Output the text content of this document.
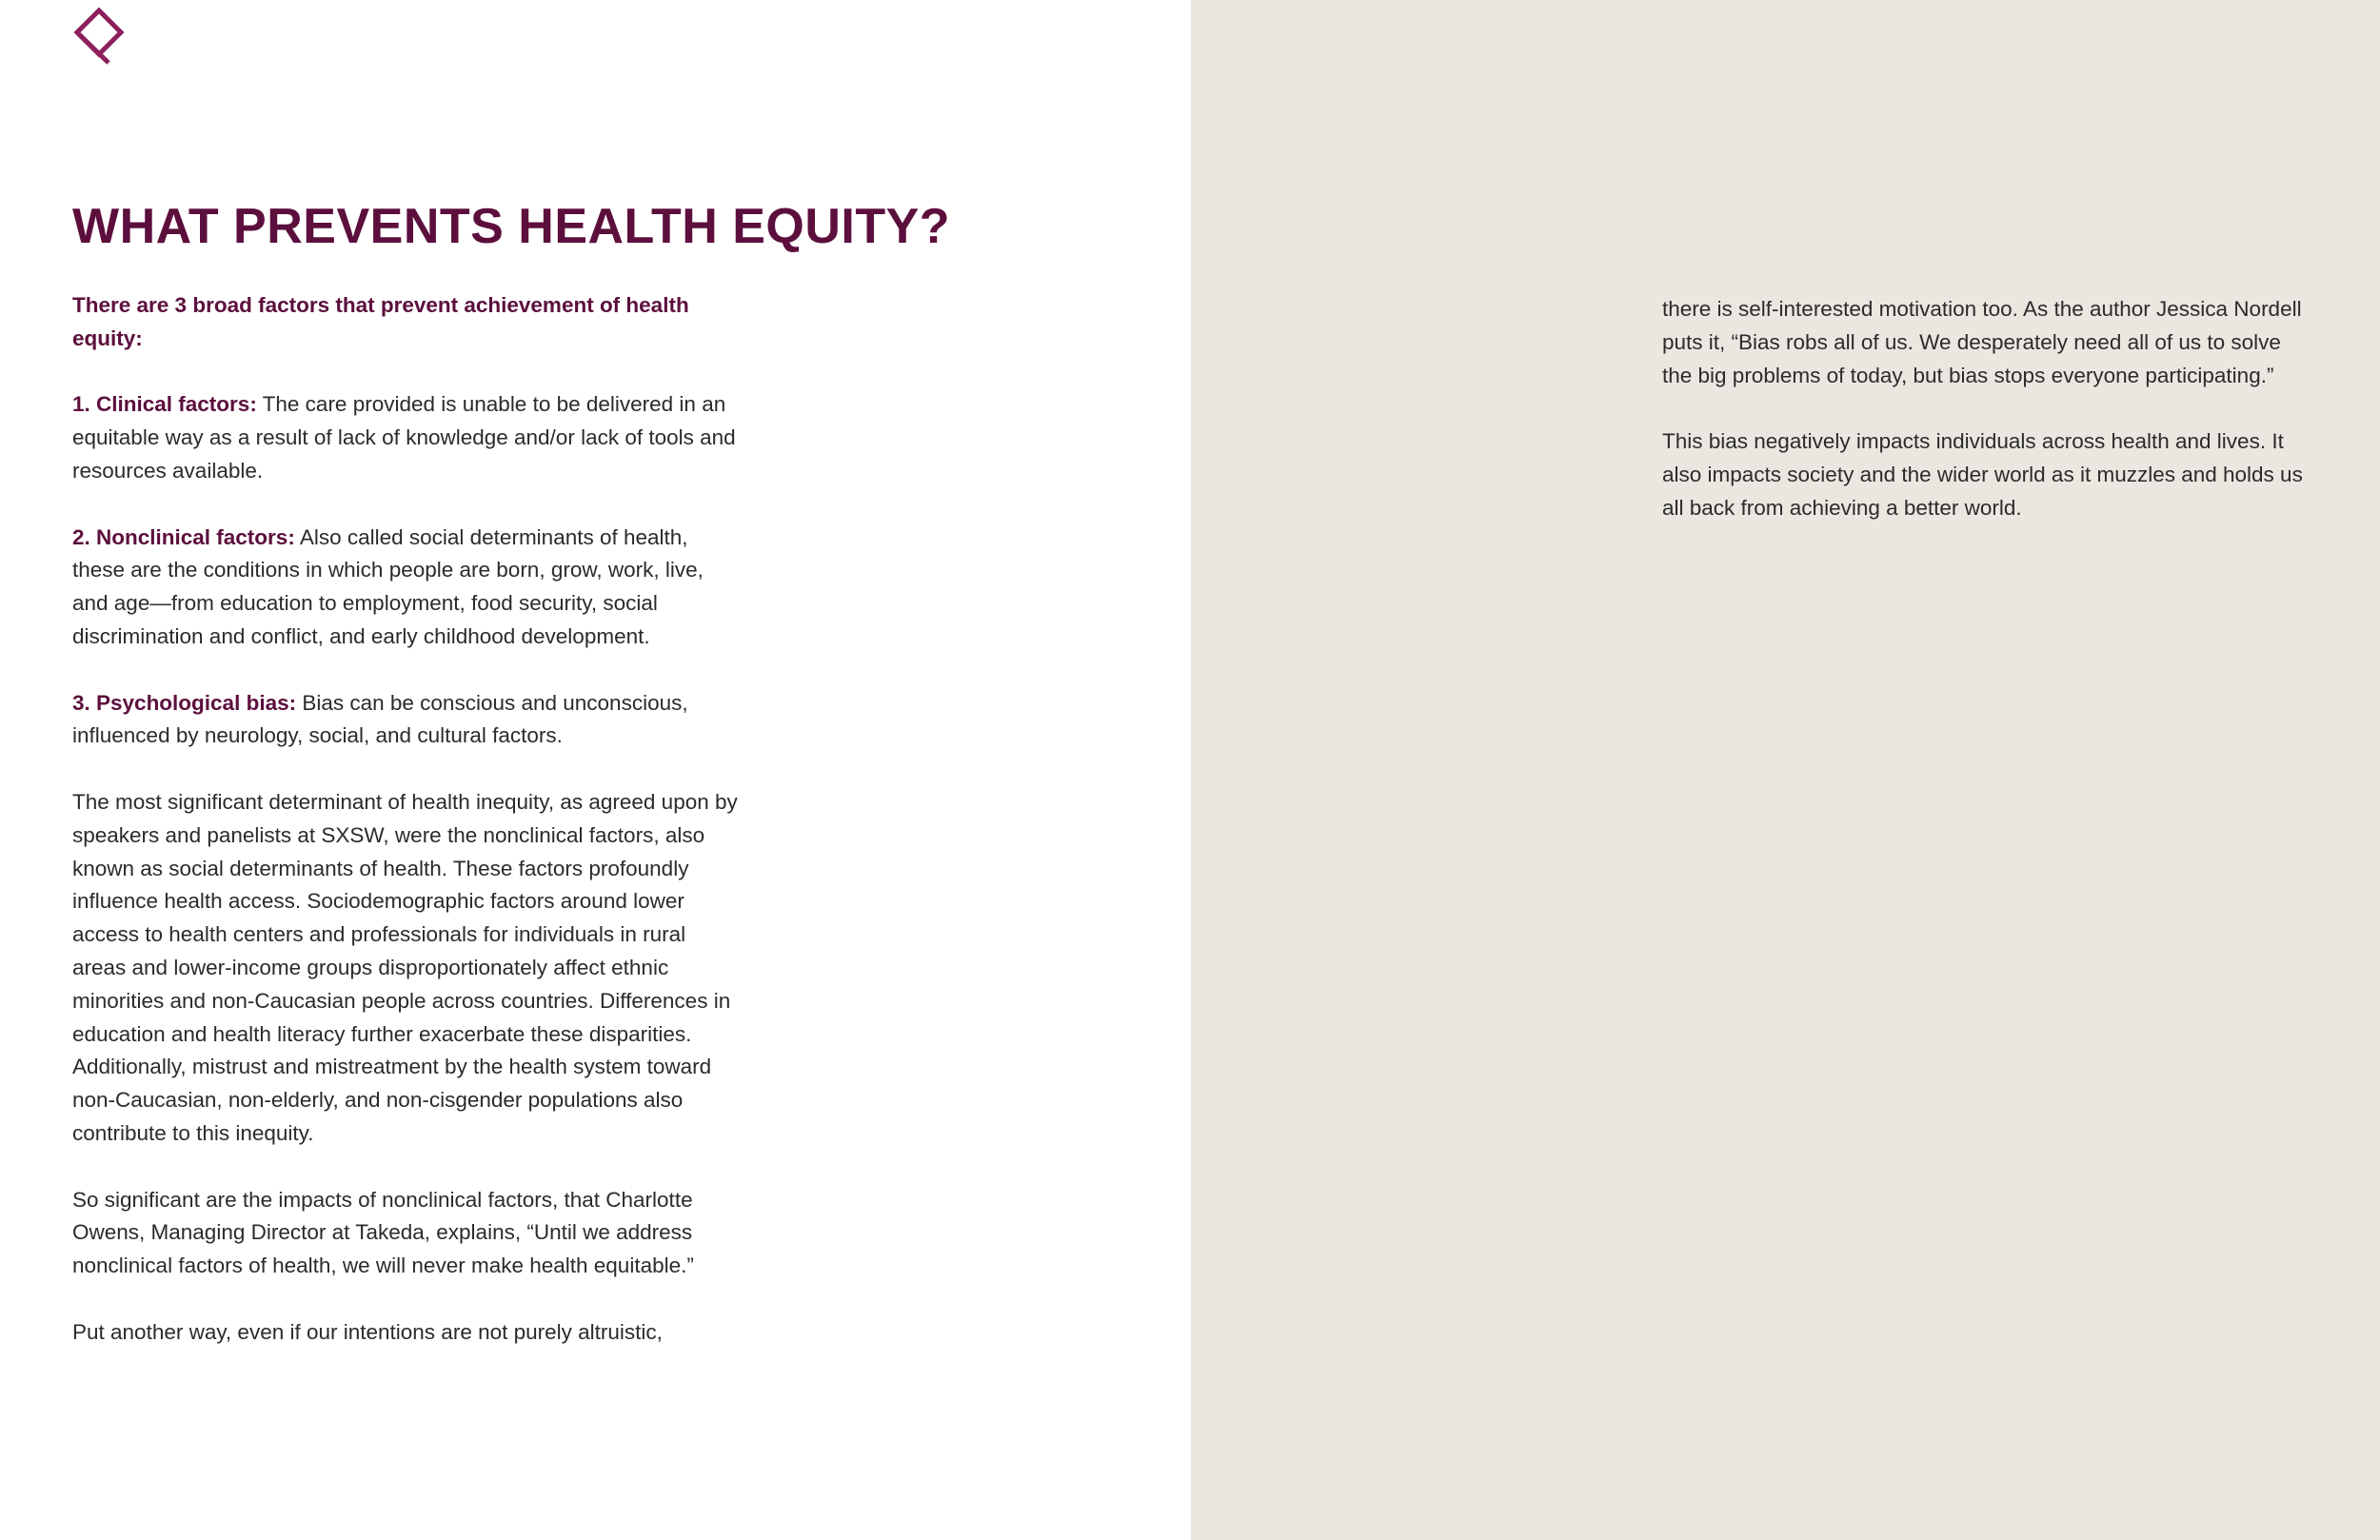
WHAT PREVENTS HEALTH EQUITY?

There are 3 broad factors that prevent achievement of health equity:

1. Clinical factors: The care provided is unable to be delivered in an equitable way as a result of lack of knowledge and/or lack of tools and resources available.

2. Nonclinical factors: Also called social determinants of health, these are the conditions in which people are born, grow, work, live, and age—from education to employment, food security, social discrimination and conflict, and early childhood development.

3. Psychological bias: Bias can be conscious and unconscious, influenced by neurology, social, and cultural factors.

The most significant determinant of health inequity, as agreed upon by speakers and panelists at SXSW, were the nonclinical factors, also known as social determinants of health. These factors profoundly influence health access. Sociodemographic factors around lower access to health centers and professionals for individuals in rural areas and lower-income groups disproportionately affect ethnic minorities and non-Caucasian people across countries. Differences in education and health literacy further exacerbate these disparities. Additionally, mistrust and mistreatment by the health system toward non-Caucasian, non-elderly, and non-cisgender populations also contribute to this inequity.

So significant are the impacts of nonclinical factors, that Charlotte Owens, Managing Director at Takeda, explains, “Until we address nonclinical factors of health, we will never make health equitable.”

Put another way, even if our intentions are not purely altruistic,

there is self-interested motivation too. As the author Jessica Nordell puts it, “Bias robs all of us. We desperately need all of us to solve the big problems of today, but bias stops everyone participating.”

This bias negatively impacts individuals across health and lives. It also impacts society and the wider world as it muzzles and holds us all back from achieving a better world.
